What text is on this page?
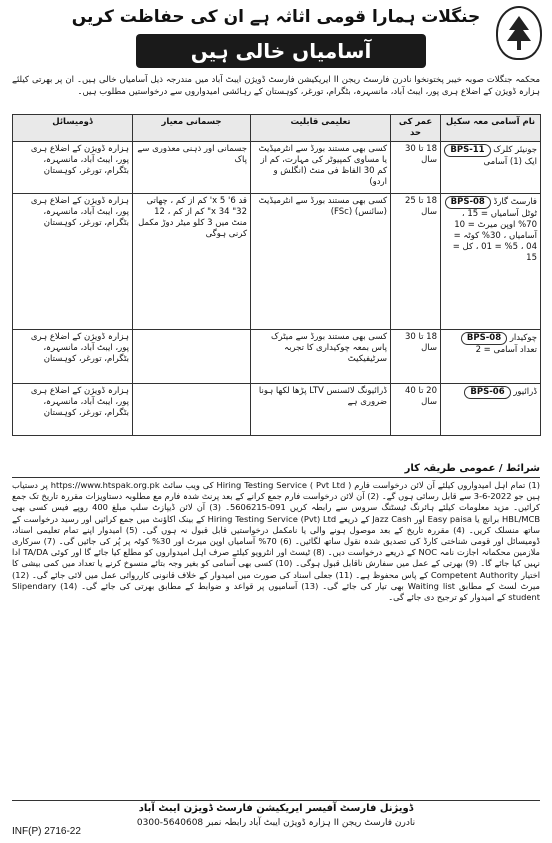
جنگلات ہمارا قومی اثاثہ ہے ان کی حفاظت کریں
آسامیاں خالی ہیں
محکمہ جنگلات صوبہ خیبر پختونخوا نادرن فارسٹ ریجن II ایریکیشن فارسٹ ڈویژن ایبٹ آباد میں مندرجہ ذیل آسامیاں خالی ہیں۔ ان پر بھرتی کیلئے ہزارہ ڈویژن کے اضلاع ہری پور، ایبٹ آباد، مانسہرہ، بٹگرام، تورغر، کوہستان کے رہائشی امیدواروں سے درخواستیں مطلوب ہیں۔
نام آسامی معہ سکیل	عمر کی حد	تعلیمی قابلیت	جسمانی معیار	ڈومیسائل
جونیئر کلرک BPS-11
ایک (1) آسامی	18 تا 30 سال	کسی بھی مستند بورڈ سے انٹرمیڈیٹ یا مساوی کمپیوٹر کی مہارت، کم از کم 30 الفاظ فی منٹ (انگلش و اردو)	جسمانی اور ذہنی معذوری سے پاک	ہزارہ ڈویژن کے اضلاع ہری پور، ایبٹ آباد، مانسہرہ، بٹگرام، تورغر، کوہستان
فارسٹ گارڈ BPS-08
ٹوٹل آسامیاں = 15 ، 70% اوپن میرٹ = 10 آسامیاں ، 30% کوٹہ = 04 ، 5% = 01 ، کل = 15	18 تا 25 سال	کسی بھی مستند بورڈ سے انٹرمیڈیٹ (سائنس) (FSc)	قد 6' x 5' کم از کم ، چھاتی 32" x 34" کم از کم ، 12 منٹ میں 3 کلو میٹر دوڑ مکمل کرنی ہوگی	ہزارہ ڈویژن کے اضلاع ہری پور، ایبٹ آباد، مانسہرہ، بٹگرام، تورغر، کوہستان
چوکیدار BPS-08
تعداد آسامی = 2	18 تا 30 سال	کسی بھی مستند بورڈ سے میٹرک پاس بمعہ چوکیداری کا تجربہ سرٹیفیکیٹ		ہزارہ ڈویژن کے اضلاع ہری پور، ایبٹ آباد، مانسہرہ، بٹگرام، تورغر، کوہستان
ڈرائیور BPS-06	20 تا 40 سال	ڈرائیونگ لائسنس LTV پڑھا لکھا ہونا ضروری ہے		ہزارہ ڈویژن کے اضلاع ہری پور، ایبٹ آباد، مانسہرہ، بٹگرام، تورغر، کوہستان
شرائط / عمومی طریقہ کار
(1) تمام اہل امیدواروں کیلئے آن لائن درخواست فارم Hiring Testing Service ( Pvt Ltd ) کی ویب سائٹ https://www.htspak.org.pk پر دستیاب ہیں جو 2022-6-3 سے قابل رسائی ہوں گے۔ (2) آن لائن درخواست فارم جمع کرانے کے بعد پرنٹ شدہ فارم مع مطلوبہ دستاویزات مقررہ تاریخ تک جمع کرائیں۔ مزید معلومات کیلئے ہائرنگ ٹیسٹنگ سروس سے رابطہ کریں 091-5606215۔ (3) آن لائن ڈیپازٹ سلپ مبلغ 400 روپے فیس کسی بھی HBL/MCB برانچ یا Easy paisa اور Jazz Cash کے ذریعے Hiring Testing Service (Pvt) Ltd کے بینک اکاؤنٹ میں جمع کرائیں اور رسید درخواست کے ساتھ منسلک کریں۔ (4) مقررہ تاریخ کے بعد موصول ہونے والی یا نامکمل درخواستیں قابل قبول نہ ہوں گی۔ (5) امیدوار اپنے تمام تعلیمی اسناد، ڈومیسائل اور قومی شناختی کارڈ کی تصدیق شدہ نقول ساتھ لگائیں۔ (6) 70% آسامیاں اوپن میرٹ اور 30% کوٹہ پر پُر کی جائیں گی۔ (7) سرکاری ملازمین محکمانہ اجازت نامہ NOC کے ذریعے درخواست دیں۔ (8) ٹیسٹ اور انٹرویو کیلئے صرف اہل امیدواروں کو مطلع کیا جائے گا اور کوئی TA/DA ادا نہیں کیا جائے گا۔ (9) بھرتی کے عمل میں سفارش ناقابل قبول ہوگی۔ (10) کسی بھی آسامی کو بغیر وجہ بتائے منسوخ کرنے یا تعداد میں کمی بیشی کا اختیار Competent Authority کے پاس محفوظ ہے۔ (11) جعلی اسناد کی صورت میں امیدوار کے خلاف قانونی کارروائی عمل میں لائی جائے گی۔ (12) میرٹ لسٹ کے مطابق Waiting list بھی تیار کی جائے گی۔ (13) آسامیوں پر قواعد و ضوابط کے مطابق بھرتی کی جائے گی۔ (14) Slipendary student کے امیدوار کو ترجیح دی جائے گی۔
ڈویژنل فارسٹ آفیسر ایریکیشن فارسٹ ڈویژن ایبٹ آباد
نادرن فارسٹ ریجن II ہزارہ ڈویژن ایبٹ آباد رابطہ نمبر 0300-5640608
INF(P) 2716-22
